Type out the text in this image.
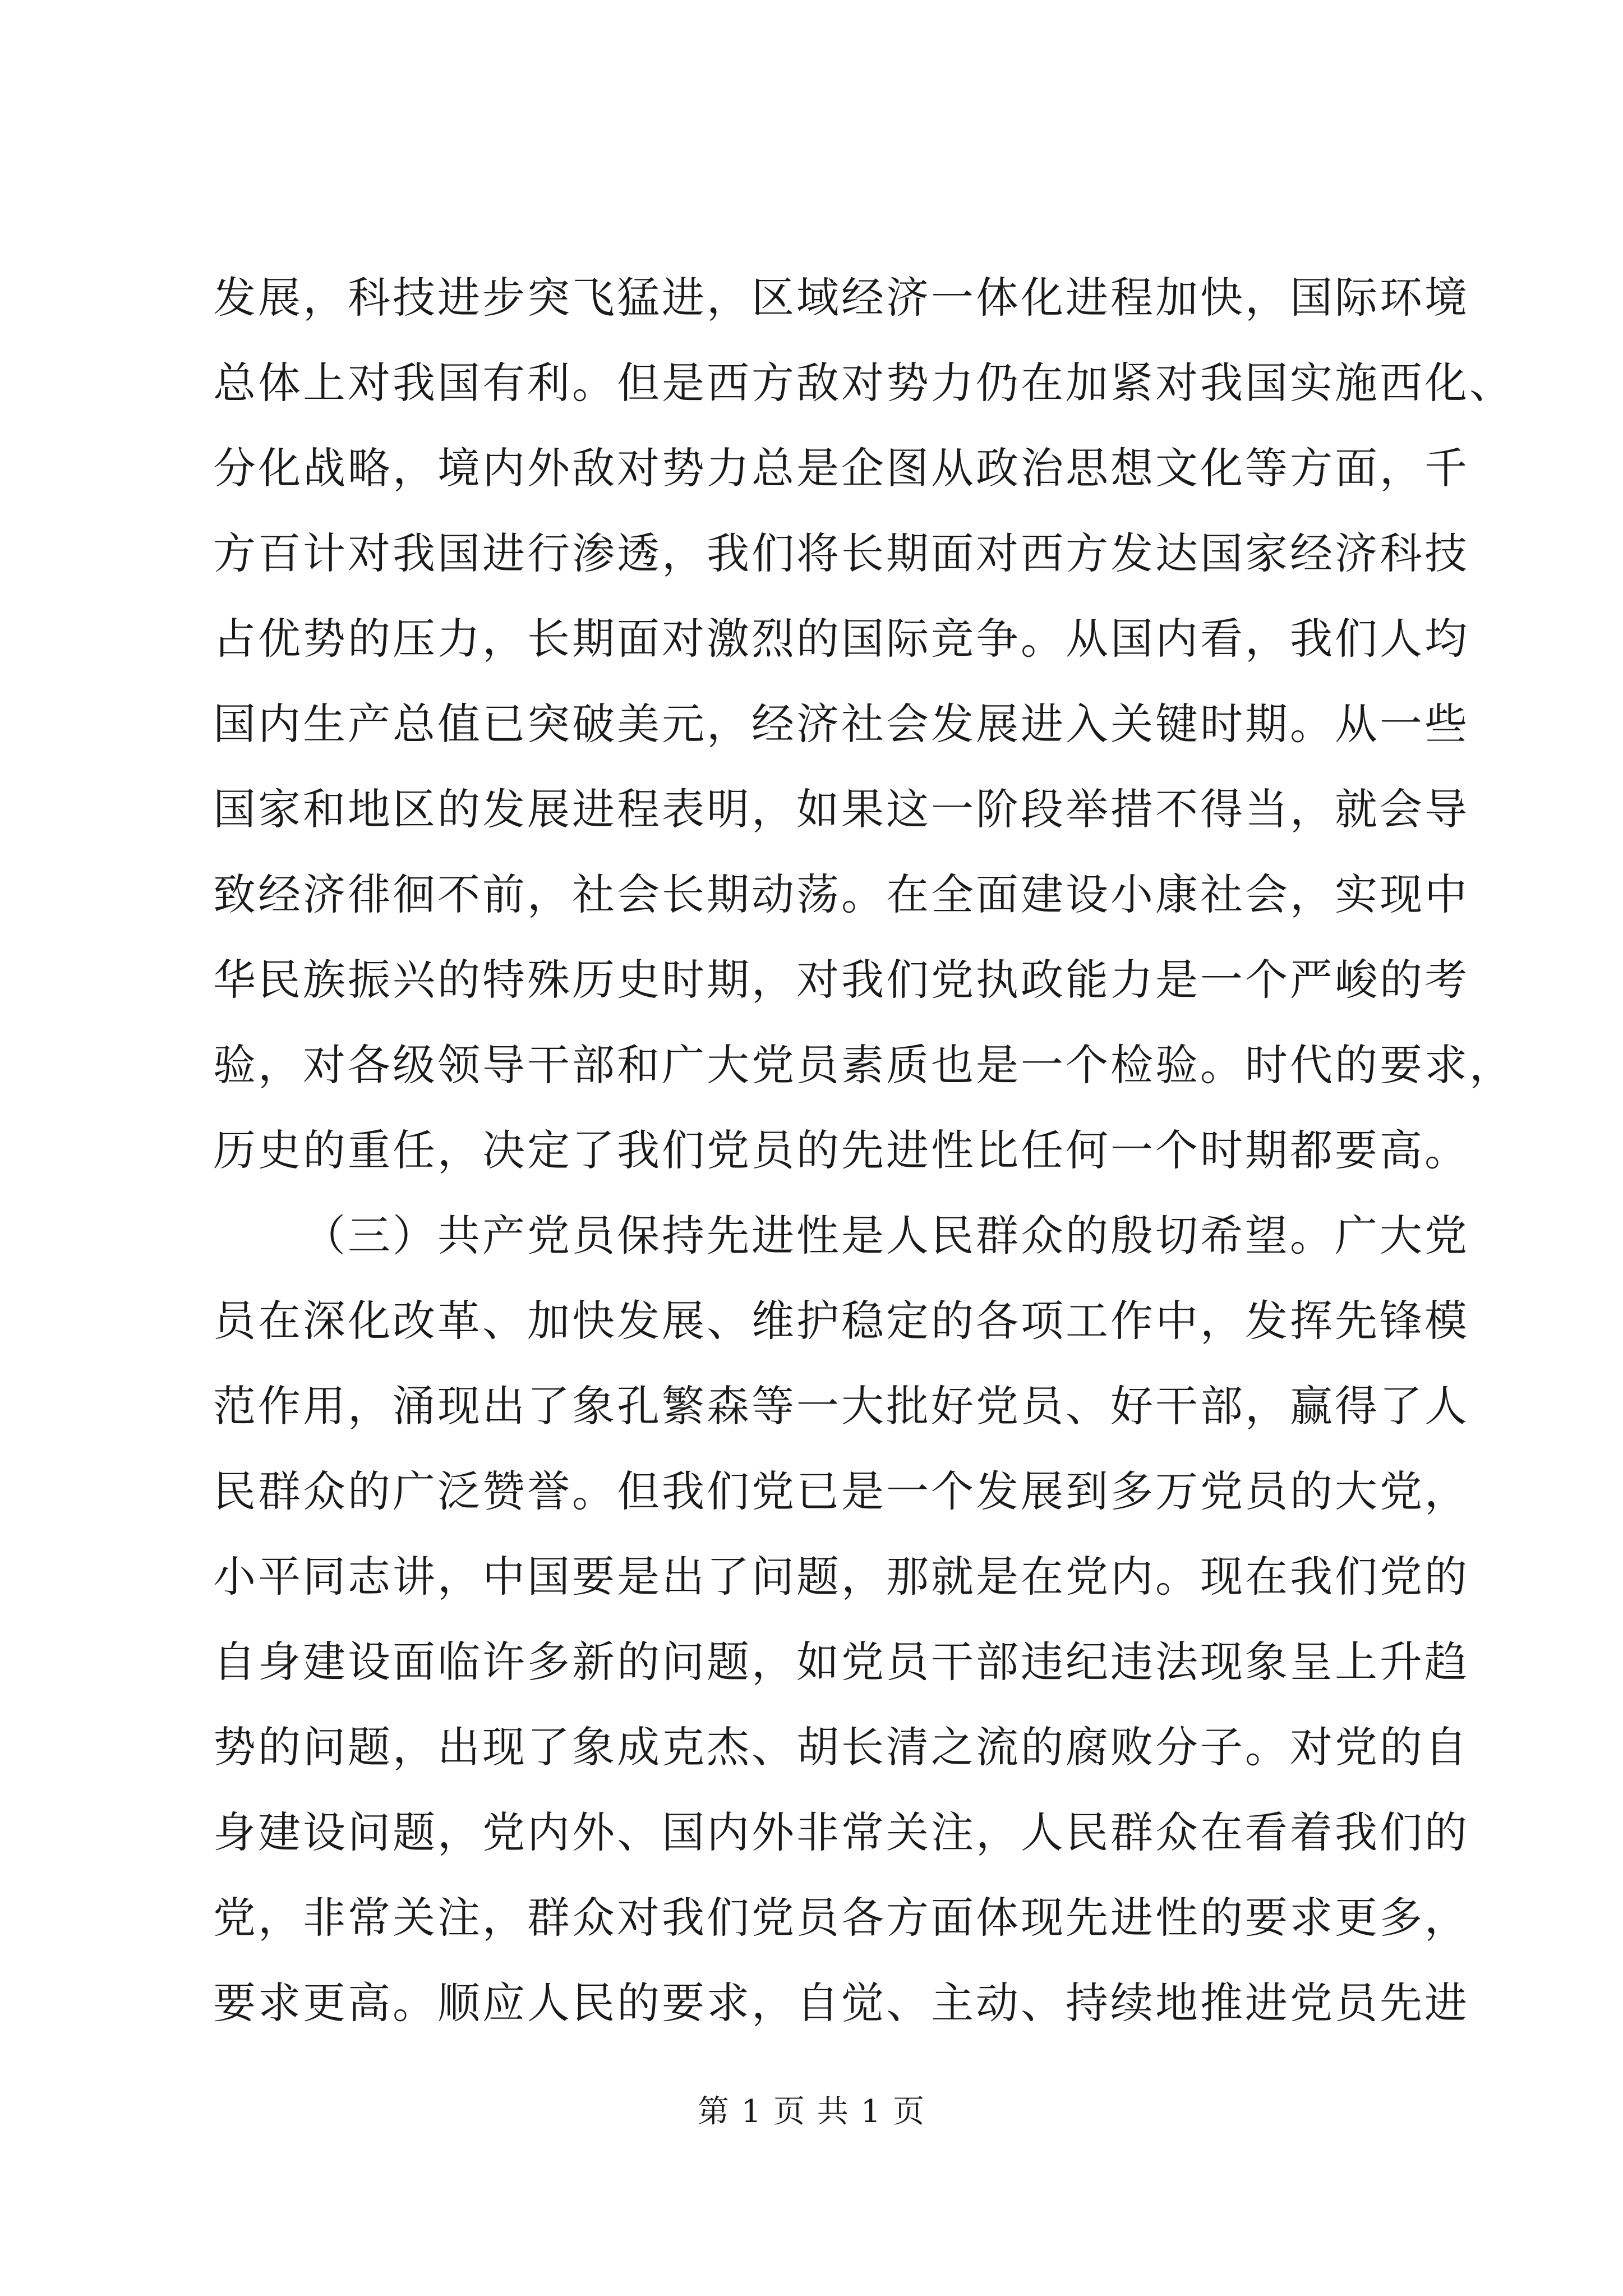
发展，科技进步突飞猛进，区域经济一体化进程加快，国际环境
总体上对我国有利。但是西方敌对势力仍在加紧对我国实施西化、
分化战略，境内外敌对势力总是企图从政治思想文化等方面，千
方百计对我国进行渗透，我们将长期面对西方发达国家经济科技
占优势的压力，长期面对激烈的国际竞争。从国内看，我们人均
国内生产总值已突破美元，经济社会发展进入关键时期。从一些
国家和地区的发展进程表明，如果这一阶段举措不得当，就会导
致经济徘徊不前，社会长期动荡。在全面建设小康社会，实现中
华民族振兴的特殊历史时期，对我们党执政能力是一个严峻的考
验，对各级领导干部和广大党员素质也是一个检验。时代的要求，
历史的重任，决定了我们党员的先进性比任何一个时期都要高。
（三）共产党员保持先进性是人民群众的殷切希望。广大党
员在深化改革、加快发展、维护稳定的各项工作中，发挥先锋模
范作用，涌现出了象孔繁森等一大批好党员、好干部，赢得了人
民群众的广泛赞誉。但我们党已是一个发展到多万党员的大党，
小平同志讲，中国要是出了问题，那就是在党内。现在我们党的
自身建设面临许多新的问题，如党员干部违纪违法现象呈上升趋
势的问题，出现了象成克杰、胡长清之流的腐败分子。对党的自
身建设问题，党内外、国内外非常关注，人民群众在看着我们的
党，非常关注，群众对我们党员各方面体现先进性的要求更多，
要求更高。顺应人民的要求，自觉、主动、持续地推进党员先进
第 1 页 共 1 页
